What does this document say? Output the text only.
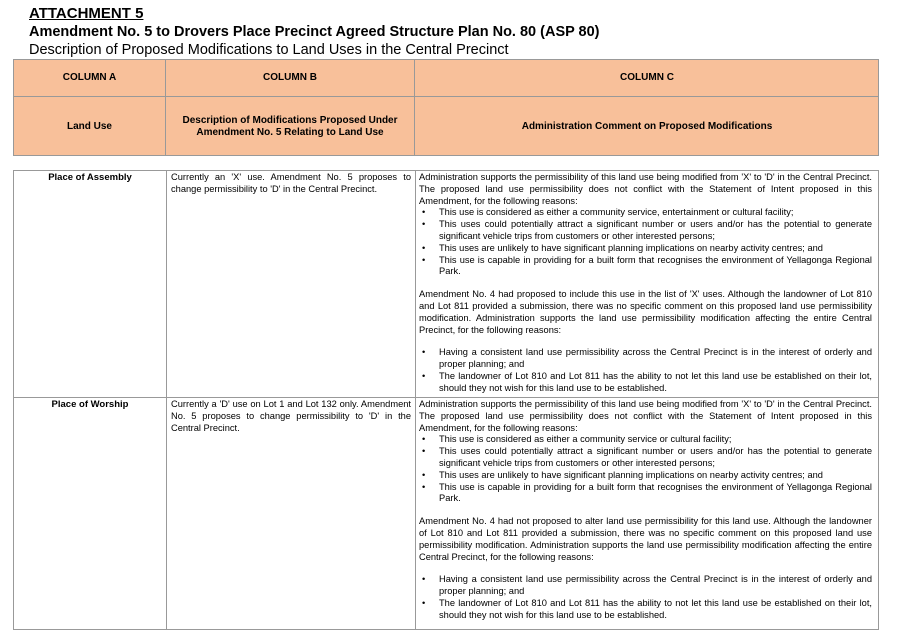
ATTACHMENT 5
Amendment No. 5 to Drovers Place Precinct Agreed Structure Plan No. 80 (ASP 80)
Description of Proposed Modifications to Land Uses in the Central Precinct
COLUMN A
Land Use
COLUMN B
Description of Modifications Proposed Under Amendment No. 5 Relating to Land Use
COLUMN C
Administration Comment on Proposed Modifications
Place of Assembly	Currently an 'X' use. Amendment No. 5 proposes to change permissibility to 'D' in the Central Precinct.

Administration supports the permissibility of this land use being modified from 'X' to 'D' in the Central Precinct. The proposed land use permissibility does not conflict with the Statement of Intent proposed in this Amendment, for the following reasons:

• This use is considered as either a community service, entertainment or cultural facility;
• This uses could potentially attract a significant number or users and/or has the potential to generate significant vehicle trips from customers or other interested persons;
• This uses are unlikely to have significant planning implications on nearby activity centres; and
• This use is capable in providing for a built form that recognises the environment of Yellagonga Regional Park.

Amendment No. 4 had proposed to include this use in the list of 'X' uses. Although the landowner of Lot 810 and Lot 811 provided a submission, there was no specific comment on this proposed land use permissibility modification. Administration supports the land use permissibility modification affecting the entire Central Precinct, for the following reasons:

• Having a consistent land use permissibility across the Central Precinct is in the interest of orderly and proper planning; and
• The landowner of Lot 810 and Lot 811 has the ability to not let this land use be established on their lot, should they not wish for this land use to be established.
Place of Worship	Currently a 'D' use on Lot 1 and Lot 132 only. Amendment No. 5 proposes to change permissibility to 'D' in the Central Precinct.

Administration supports the permissibility of this land use being modified from 'X' to 'D' in the Central Precinct. The proposed land use permissibility does not conflict with the Statement of Intent proposed in this Amendment, for the following reasons:

• This use is considered as either a community service or cultural facility;
• This uses could potentially attract a significant number or users and/or has the potential to generate significant vehicle trips from customers or other interested persons;
• This uses are unlikely to have significant planning implications on nearby activity centres; and
• This use is capable in providing for a built form that recognises the environment of Yellagonga Regional Park.

Amendment No. 4 had not proposed to alter land use permissibility for this land use. Although the landowner of Lot 810 and Lot 811 provided a submission, there was no specific comment on this proposed land use permissibility modification. Administration supports the land use permissibility modification affecting the entire Central Precinct, for the following reasons:

• Having a consistent land use permissibility across the Central Precinct is in the interest of orderly and proper planning; and
• The landowner of Lot 810 and Lot 811 has the ability to not let this land use be established on their lot, should they not wish for this land use to be established.
